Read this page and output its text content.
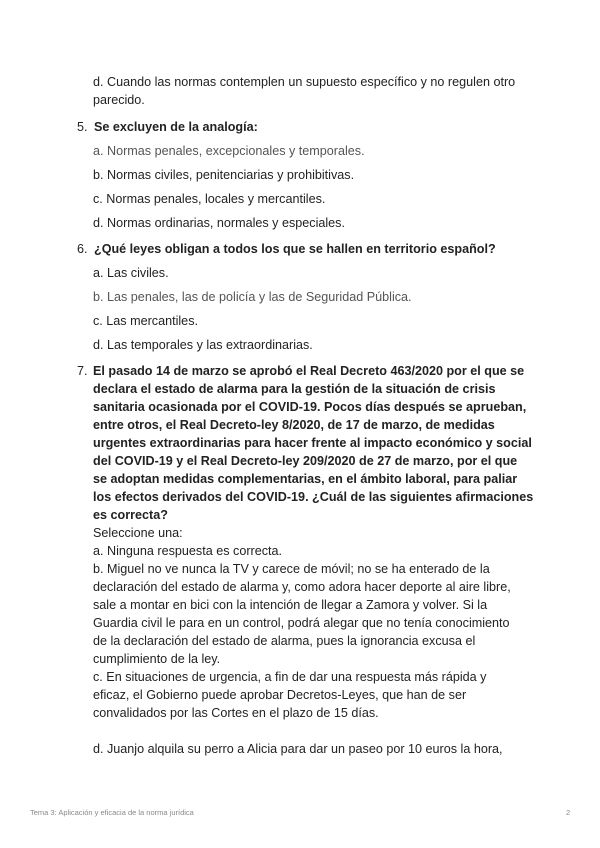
d. Cuando las normas contemplen un supuesto específico y no regulen otro
parecido.
5. Se excluyen de la analogía:
a. Normas penales, excepcionales y temporales.
b. Normas civiles, penitenciarias y prohibitivas.
c. Normas penales, locales y mercantiles.
d. Normas ordinarias, normales y especiales.
6. ¿Qué leyes obligan a todos los que se hallen en territorio español?
a. Las civiles.
b. Las penales, las de policía y las de Seguridad Pública.
c. Las mercantiles.
d. Las temporales y las extraordinarias.
7. El pasado 14 de marzo se aprobó el Real Decreto 463/2020 por el que se
declara el estado de alarma para la gestión de la situación de crisis
sanitaria ocasionada por el COVID-19. Pocos días después se aprueban,
entre otros, el Real Decreto-ley 8/2020, de 17 de marzo, de medidas
urgentes extraordinarias para hacer frente al impacto económico y social
del COVID-19 y el Real Decreto-ley 209/2020 de 27 de marzo, por el que
se adoptan medidas complementarias, en el ámbito laboral, para paliar
los efectos derivados del COVID-19. ¿Cuál de las siguientes afirmaciones
es correcta?
Seleccione una:
a. Ninguna respuesta es correcta.
b. Miguel no ve nunca la TV y carece de móvil; no se ha enterado de la
declaración del estado de alarma y, como adora hacer deporte al aire libre,
sale a montar en bici con la intención de llegar a Zamora y volver. Si la
Guardia civil le para en un control, podrá alegar que no tenía conocimiento
de la declaración del estado de alarma, pues la ignorancia excusa el
cumplimiento de la ley.
c. En situaciones de urgencia, a fin de dar una respuesta más rápida y
eficaz, el Gobierno puede aprobar Decretos-Leyes, que han de ser
convalidados por las Cortes en el plazo de 15 días.
d. Juanjo alquila su perro a Alicia para dar un paseo por 10 euros la hora,
Tema 3: Aplicación y eficacia de la norma jurídica	2
